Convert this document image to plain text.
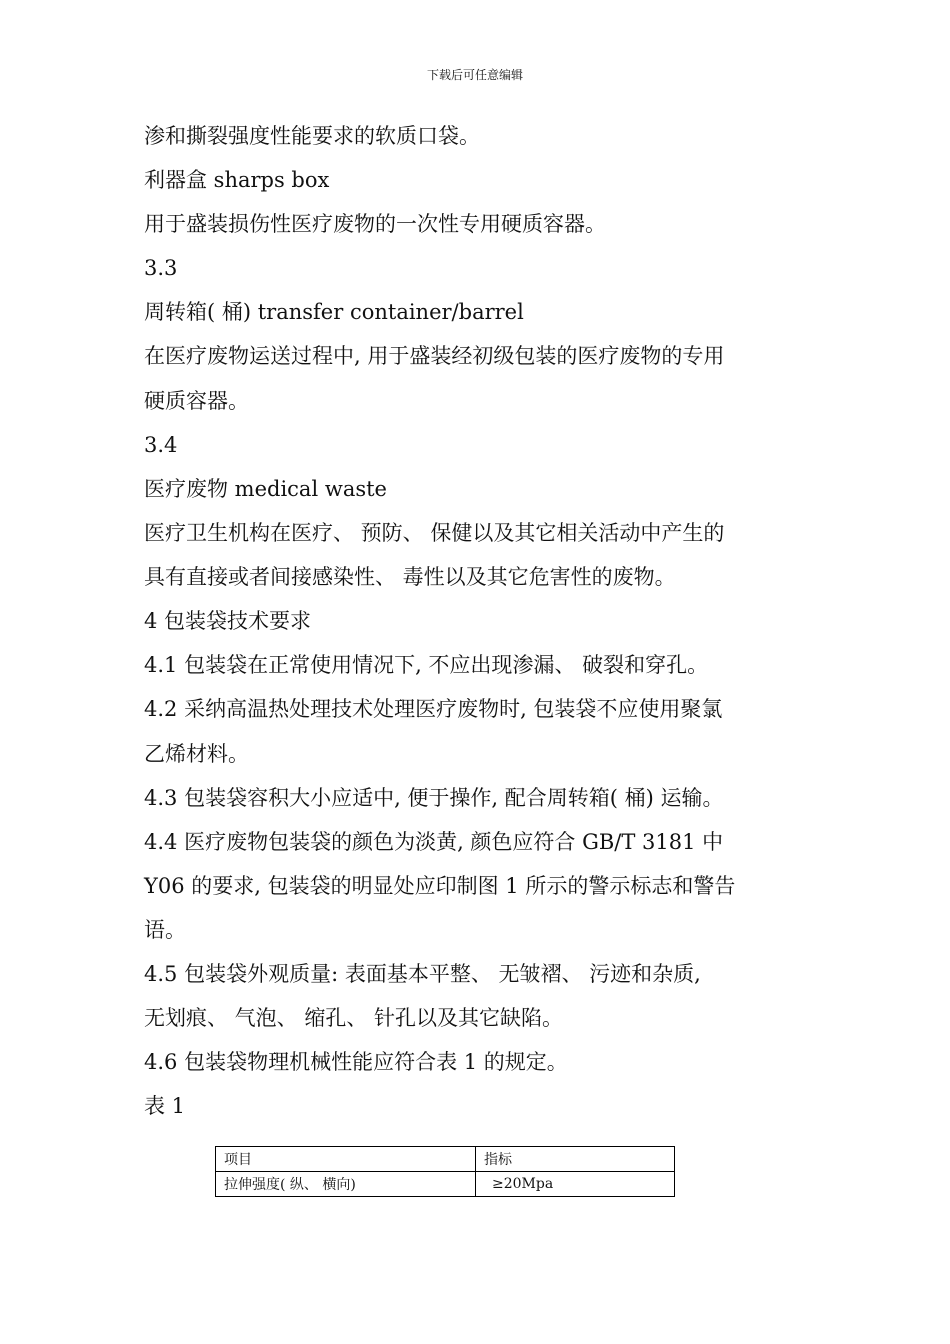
下载后可任意编辑
渗和撕裂强度性能要求的软质口袋。
利器盒 sharps box
用于盛装损伤性医疗废物的一次性专用硬质容器。
3.3
周转箱( 桶) transfer container/barrel
在医疗废物运送过程中, 用于盛装经初级包装的医疗废物的专用
硬质容器。
3.4
医疗废物 medical waste
医疗卫生机构在医疗、 预防、 保健以及其它相关活动中产生的
具有直接或者间接感染性、 毒性以及其它危害性的废物。
4 包装袋技术要求
4.1 包装袋在正常使用情况下, 不应出现渗漏、 破裂和穿孔。
4.2 采纳高温热处理技术处理医疗废物时, 包装袋不应使用聚氯
乙烯材料。
4.3 包装袋容积大小应适中, 便于操作, 配合周转箱( 桶) 运输。
4.4 医疗废物包装袋的颜色为淡黄, 颜色应符合 GB/T 3181 中
Y06 的要求, 包装袋的明显处应印制图 1 所示的警示标志和警告
语。
4.5 包装袋外观质量: 表面基本平整、 无皱褶、 污迹和杂质,
无划痕、 气泡、 缩孔、 针孔以及其它缺陷。
4.6 包装袋物理机械性能应符合表 1 的规定。
表 1
项目	指标
拉伸强度( 纵、 横向)	≥20Mpa
